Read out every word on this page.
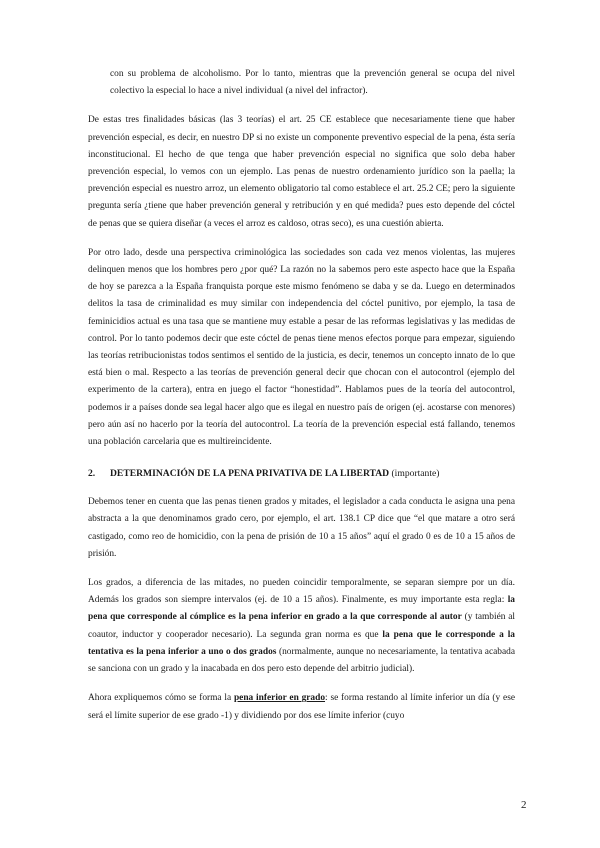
con su problema de alcoholismo. Por lo tanto, mientras que la prevención general se ocupa del nivel colectivo la especial lo hace a nivel individual (a nivel del infractor).

De estas tres finalidades básicas (las 3 teorías) el art. 25 CE establece que necesariamente tiene que haber prevención especial, es decir, en nuestro DP si no existe un componente preventivo especial de la pena, ésta sería inconstitucional. El hecho de que tenga que haber prevención especial no significa que solo deba haber prevención especial, lo vemos con un ejemplo. Las penas de nuestro ordenamiento jurídico son la paella; la prevención especial es nuestro arroz, un elemento obligatorio tal como establece el art. 25.2 CE; pero la siguiente pregunta sería ¿tiene que haber prevención general y retribución y en qué medida? pues esto depende del cóctel de penas que se quiera diseñar (a veces el arroz es caldoso, otras seco), es una cuestión abierta.

Por otro lado, desde una perspectiva criminológica las sociedades son cada vez menos violentas, las mujeres delinquen menos que los hombres pero ¿por qué? La razón no la sabemos pero este aspecto hace que la España de hoy se parezca a la España franquista porque este mismo fenómeno se daba y se da. Luego en determinados delitos la tasa de criminalidad es muy similar con independencia del cóctel punitivo, por ejemplo, la tasa de feminicidios actual es una tasa que se mantiene muy estable a pesar de las reformas legislativas y las medidas de control. Por lo tanto podemos decir que este cóctel de penas tiene menos efectos porque para empezar, siguiendo las teorías retribucionistas todos sentimos el sentido de la justicia, es decir, tenemos un concepto innato de lo que está bien o mal. Respecto a las teorías de prevención general decir que chocan con el autocontrol (ejemplo del experimento de la cartera), entra en juego el factor “honestidad”. Hablamos pues de la teoría del autocontrol, podemos ir a países donde sea legal hacer algo que es ilegal en nuestro país de origen (ej. acostarse con menores) pero aún así no hacerlo por la teoría del autocontrol. La teoría de la prevención especial está fallando, tenemos una población carcelaria que es multireincidente.

2. DETERMINACIÓN DE LA PENA PRIVATIVA DE LA LIBERTAD (importante)

Debemos tener en cuenta que las penas tienen grados y mitades, el legislador a cada conducta le asigna una pena abstracta a la que denominamos grado cero, por ejemplo, el art. 138.1 CP dice que “el que matare a otro será castigado, como reo de homicidio, con la pena de prisión de 10 a 15 años” aquí el grado 0 es de 10 a 15 años de prisión.

Los grados, a diferencia de las mitades, no pueden coincidir temporalmente, se separan siempre por un día. Además los grados son siempre intervalos (ej. de 10 a 15 años). Finalmente, es muy importante esta regla: la pena que corresponde al cómplice es la pena inferior en grado a la que corresponde al autor (y también al coautor, inductor y cooperador necesario). La segunda gran norma es que la pena que le corresponde a la tentativa es la pena inferior a uno o dos grados (normalmente, aunque no necesariamente, la tentativa acabada se sanciona con un grado y la inacabada en dos pero esto depende del arbitrio judicial).

Ahora expliquemos cómo se forma la pena inferior en grado: se forma restando al límite inferior un día (y ese será el límite superior de ese grado -1) y dividiendo por dos ese límite inferior (cuyo

2
